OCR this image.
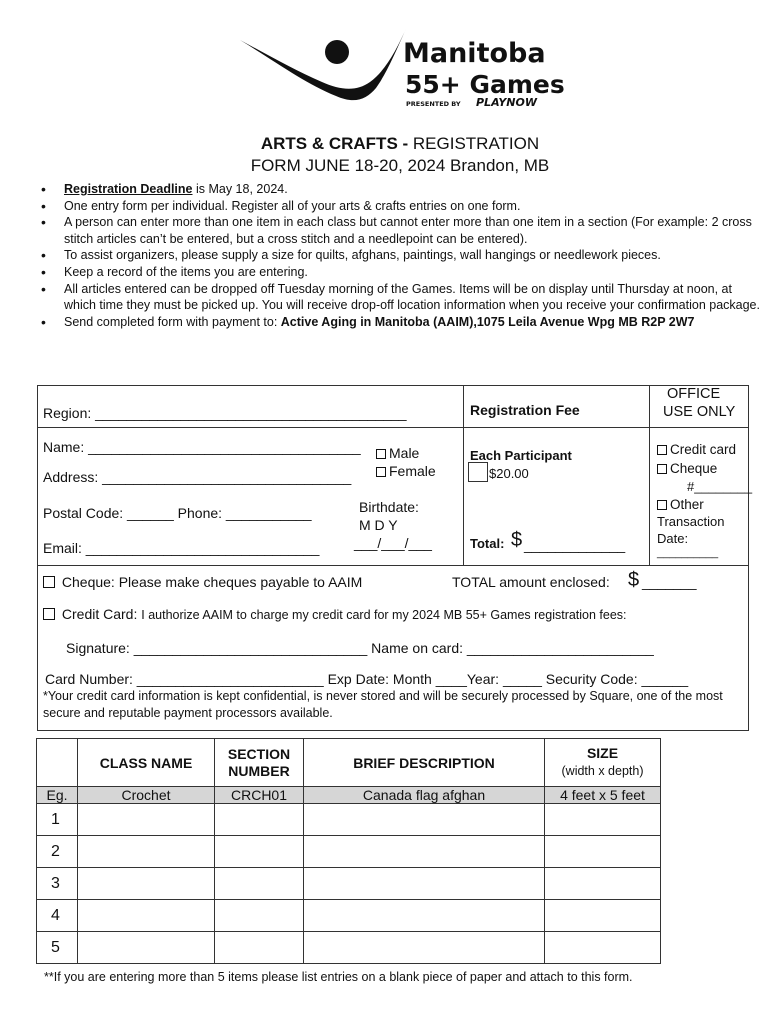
Manitoba
55+ Games
PRESENTED BY PLAYNOW
ARTS & CRAFTS - REGISTRATION
FORM JUNE 18-20, 2024 Brandon, MB
• Registration Deadline is May 18, 2024.
• One entry form per individual. Register all of your arts & crafts entries on one form.
• A person can enter more than one item in each class but cannot enter more than one item in a section (For example: 2 cross stitch articles can’t be entered, but a cross stitch and a needlepoint can be entered).
• To assist organizers, please supply a size for quilts, afghans, paintings, wall hangings or needlework pieces.
• Keep a record of the items you are entering.
• All articles entered can be dropped off Tuesday morning of the Games. Items will be on display until Thursday at noon, at which time they must be picked up. You will receive drop-off location information when you receive your confirmation package.
• Send completed form with payment to: Active Aging in Manitoba (AAIM),1075 Leila Avenue Wpg MB R2P 2W7
Region: ________________________________________	Registration Fee
OFFICE
USE ONLY
Name: ___________________________________	Male
Female
Address: ________________________________
Each Participant
$20.00
Credit card
Cheque
#________
Other
Transaction
Date:
__________
Postal Code: ______ Phone: ___________	Birthdate:
M D Y
___/___/___
Email: ______________________________	Total: $ _____________
Cheque: Please make cheques payable to AAIM	TOTAL amount enclosed: $ _______
Credit Card: I authorize AAIM to charge my credit card for my 2024 MB 55+ Games registration fees:
Signature: ______________________________ Name on card: ________________________
Card Number: ________________________ Exp Date: Month ____Year: _____ Security Code: ______
*Your credit card information is kept confidential, is never stored and will be securely processed by Square, one of the most secure and reputable payment processors available.
	CLASS NAME	SECTION
NUMBER	BRIEF DESCRIPTION	SIZE
(width x depth)
Eg.	Crochet	CRCH01	Canada flag afghan	4 feet x 5 feet
1				
2				
3				
4				
5				
**If you are entering more than 5 items please list entries on a blank piece of paper and attach to this form.
